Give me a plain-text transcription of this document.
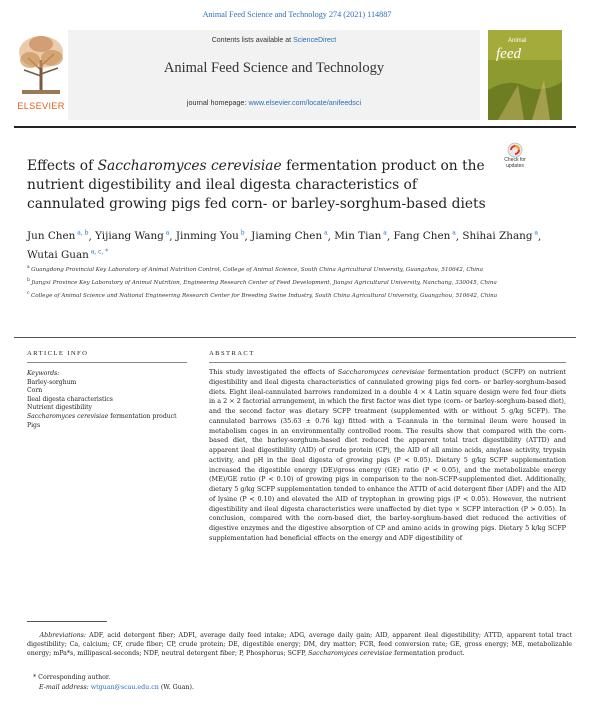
Animal Feed Science and Technology 274 (2021) 114887
ELSEVIER
Contents lists available at ScienceDirect
Animal Feed Science and Technology
journal homepage: www.elsevier.com/locate/anifeedsci
Animal
feed
Effects of Saccharomyces cerevisiae fermentation product on the nutrient digestibility and ileal digesta characteristics of cannulated growing pigs fed corn- or barley-sorghum-based diets
Check for updates
Jun Chen $^{a, b}$, Yijiang Wang $^a$, Jinming You $^b$, Jiaming Chen $^a$, Min Tian $^a$, Fang Chen $^a$, Shihai Zhang $^a$, Wutai Guan $^{a, c, *}$
$^a$ Guangdong Provincial Key Laboratory of Animal Nutrition Control, College of Animal Science, South China Agricultural University, Guangzhou, 510642, China
$^b$ Jiangxi Province Key Laboratory of Animal Nutrition, Engineering Research Center of Feed Development, Jiangxi Agricultural University, Nanchang, 330045, China
$^c$ College of Animal Science and National Engineering Research Center for Breeding Swine Industry, South China Agricultural University, Guangzhou, 510642, China
ARTICLE INFO
Keywords:
Barley-sorghum
Corn
Ileal digesta characteristics
Nutrient digestibility
Saccharomyces cerevisiae fermentation product
Pigs
ABSTRACT
This study investigated the effects of Saccharomyces cerevisiae fermentation product (SCFP) on nutrient digestibility and ileal digesta characteristics of cannulated growing pigs fed corn- or barley-sorghum-based diets. Eight ileal-cannulated barrows randomized in a double 4 × 4 Latin square design were fed four diets in a 2 × 2 factorial arrangement, in which the first factor was diet type (corn- or barley-sorghum-based diet), and the second factor was dietary SCFP treatment (supplemented with or without 5 g/kg SCFP). The cannulated barrows (35.63 ± 0.76 kg) fitted with a T-cannula in the terminal ileum were housed in metabolism cages in an environmentally controlled room. The results show that compared with the corn-based diet, the barley-sorghum-based diet reduced the apparent total tract digestibility (ATTD) and apparent ileal digestibility (AID) of crude protein (CP), the AID of all amino acids, amylase activity, trypsin activity, and pH in the ileal digesta of growing pigs (P < 0.05). Dietary 5 g/kg SCFP supplementation increased the digestible energy (DE)/gross energy (GE) ratio (P < 0.05), and the metabolizable energy (ME)/GE ratio (P < 0.10) of growing pigs in comparison to the non-SCFP-supplemented diet. Additionally, dietary 5 g/kg SCFP supplementation tended to enhance the ATTD of acid detergent fiber (ADF) and the AID of lysine (P < 0.10) and elevated the AID of tryptophan in growing pigs (P < 0.05). However, the nutrient digestibility and ileal digesta characteristics were unaffected by diet type × SCFP interaction (P > 0.05). In conclusion, compared with the corn-based diet, the barley-sorghum-based diet reduced the activities of digestive enzymes and the digestive absorption of CP and amino acids in growing pigs. Dietary 5 k/kg SCFP supplementation had beneficial effects on the energy and ADF digestibility of
Abbreviations: ADF, acid detergent fiber; ADFI, average daily feed intake; ADG, average daily gain; AID, apparent ileal digestibility; ATTD, apparent total tract digestibility; Ca, calcium; CF, crude fiber; CP, crude protein; DE, digestible energy; DM, dry matter; FCR, feed conversion rate; GE, gross energy; ME, metabolizable energy; mPa*s, millipascal-seconds; NDF, neutral detergent fiber; P, Phosphorus; SCFP, Saccharomyces cerevisiae fermentation product.
* Corresponding author.
E-mail address: wtguan@scau.edu.cn (W. Guan).
